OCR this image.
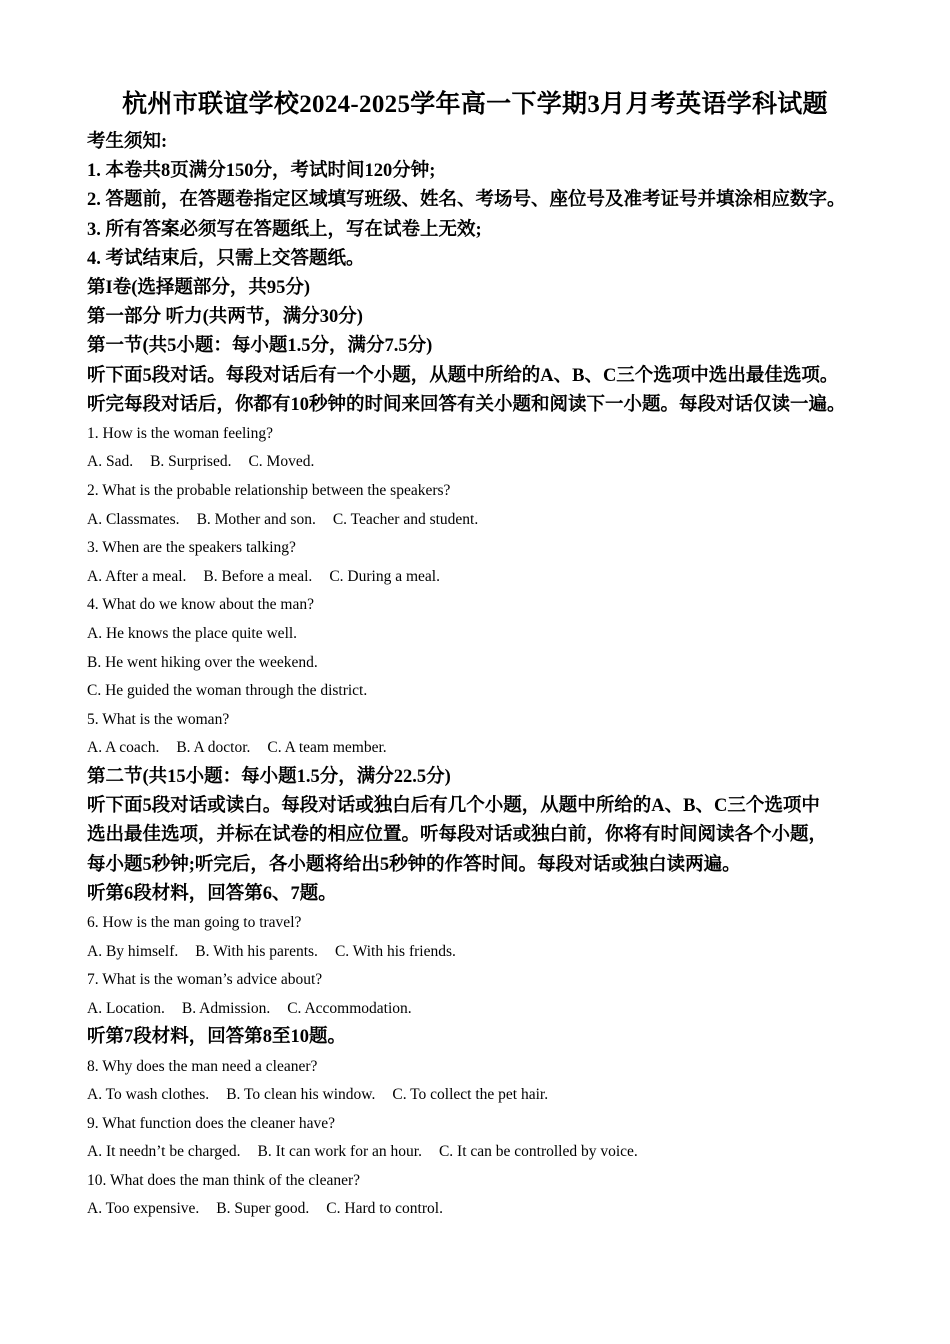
杭州市联谊学校2024-2025学年高一下学期3月月考英语学科试题
考生须知:
1. 本卷共8页满分150分，考试时间120分钟;
2. 答题前，在答题卷指定区域填写班级、姓名、考场号、座位号及准考证号并填涂相应数字。
3. 所有答案必须写在答题纸上，写在试卷上无效;
4. 考试结束后，只需上交答题纸。
第I卷(选择题部分，共95分)
第一部分 听力(共两节，满分30分)
第一节(共5小题：每小题1.5分，满分7.5分)
听下面5段对话。每段对话后有一个小题，从题中所给的A、B、C三个选项中选出最佳选项。
听完每段对话后，你都有10秒钟的时间来回答有关小题和阅读下一小题。每段对话仅读一遍。
1. How is the woman feeling?
A. Sad. B. Surprised. C. Moved.
2. What is the probable relationship between the speakers?
A. Classmates. B. Mother and son. C. Teacher and student.
3. When are the speakers talking?
A. After a meal. B. Before a meal. C. During a meal.
4. What do we know about the man?
A. He knows the place quite well.
B. He went hiking over the weekend.
C. He guided the woman through the district.
5. What is the woman?
A. A coach. B. A doctor. C. A team member.
第二节(共15小题：每小题1.5分，满分22.5分)
听下面5段对话或读白。每段对话或独白后有几个小题，从题中所给的A、B、C三个选项中
选出最佳选项，并标在试卷的相应位置。听每段对话或独白前，你将有时间阅读各个小题，
每小题5秒钟;听完后，各小题将给出5秒钟的作答时间。每段对话或独白读两遍。
听第6段材料，回答第6、7题。
6. How is the man going to travel?
A. By himself. B. With his parents. C. With his friends.
7. What is the woman’s advice about?
A. Location. B. Admission. C. Accommodation.
听第7段材料，回答第8至10题。
8. Why does the man need a cleaner?
A. To wash clothes. B. To clean his window. C. To collect the pet hair.
9. What function does the cleaner have?
A. It needn’t be charged. B. It can work for an hour. C. It can be controlled by voice.
10. What does the man think of the cleaner?
A. Too expensive. B. Super good. C. Hard to control.
